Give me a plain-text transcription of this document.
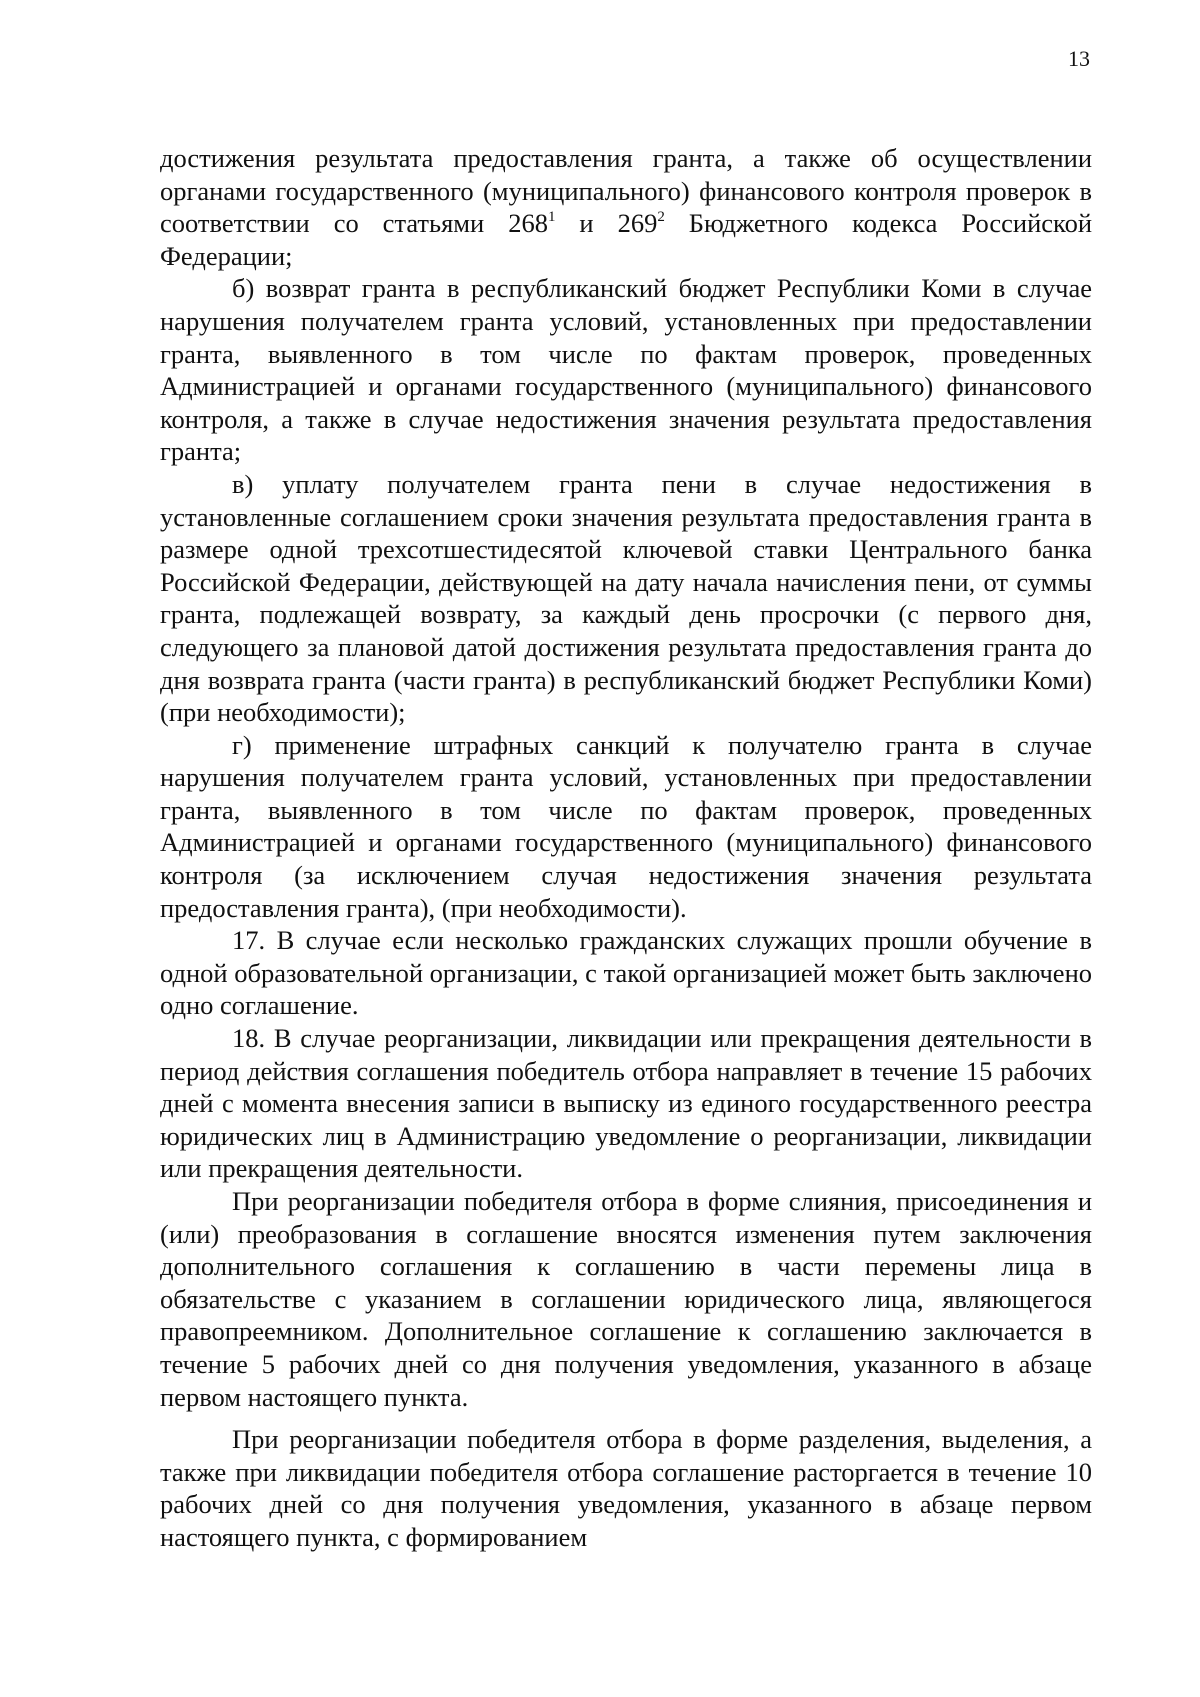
13

достижения результата предоставления гранта, а также об осуществлении органами государственного (муниципального) финансового контроля проверок в соответствии со статьями $268^1$ и $269^2$ Бюджетного кодекса Российской Федерации;

б) возврат гранта в республиканский бюджет Республики Коми в случае нарушения получателем гранта условий, установленных при предоставлении гранта, выявленного в том числе по фактам проверок, проведенных Администрацией и органами государственного (муниципального) финансового контроля, а также в случае недостижения значения результата предоставления гранта;

в) уплату получателем гранта пени в случае недостижения в установленные соглашением сроки значения результата предоставления гранта в размере одной трехсотшестидесятой ключевой ставки Центрального банка Российской Федерации, действующей на дату начала начисления пени, от суммы гранта, подлежащей возврату, за каждый день просрочки (с первого дня, следующего за плановой датой достижения результата предоставления гранта до дня возврата гранта (части гранта) в республиканский бюджет Республики Коми) (при необходимости);

г) применение штрафных санкций к получателю гранта в случае нарушения получателем гранта условий, установленных при предоставлении гранта, выявленного в том числе по фактам проверок, проведенных Администрацией и органами государственного (муниципального) финансового контроля (за исключением случая недостижения значения результата предоставления гранта), (при необходимости).

17. В случае если несколько гражданских служащих прошли обучение в одной образовательной организации, с такой организацией может быть заключено одно соглашение.

18. В случае реорганизации, ликвидации или прекращения деятельности в период действия соглашения победитель отбора направляет в течение 15 рабочих дней с момента внесения записи в выписку из единого государственного реестра юридических лиц в Администрацию уведомление о реорганизации, ликвидации или прекращения деятельности.

При реорганизации победителя отбора в форме слияния, присоединения и (или) преобразования в соглашение вносятся изменения путем заключения дополнительного соглашения к соглашению в части перемены лица в обязательстве с указанием в соглашении юридического лица, являющегося правопреемником. Дополнительное соглашение к соглашению заключается в течение 5 рабочих дней со дня получения уведомления, указанного в абзаце первом настоящего пункта.

При реорганизации победителя отбора в форме разделения, выделения, а также при ликвидации победителя отбора соглашение расторгается в течение 10 рабочих дней со дня получения уведомления, указанного в абзаце первом настоящего пункта, с формированием
